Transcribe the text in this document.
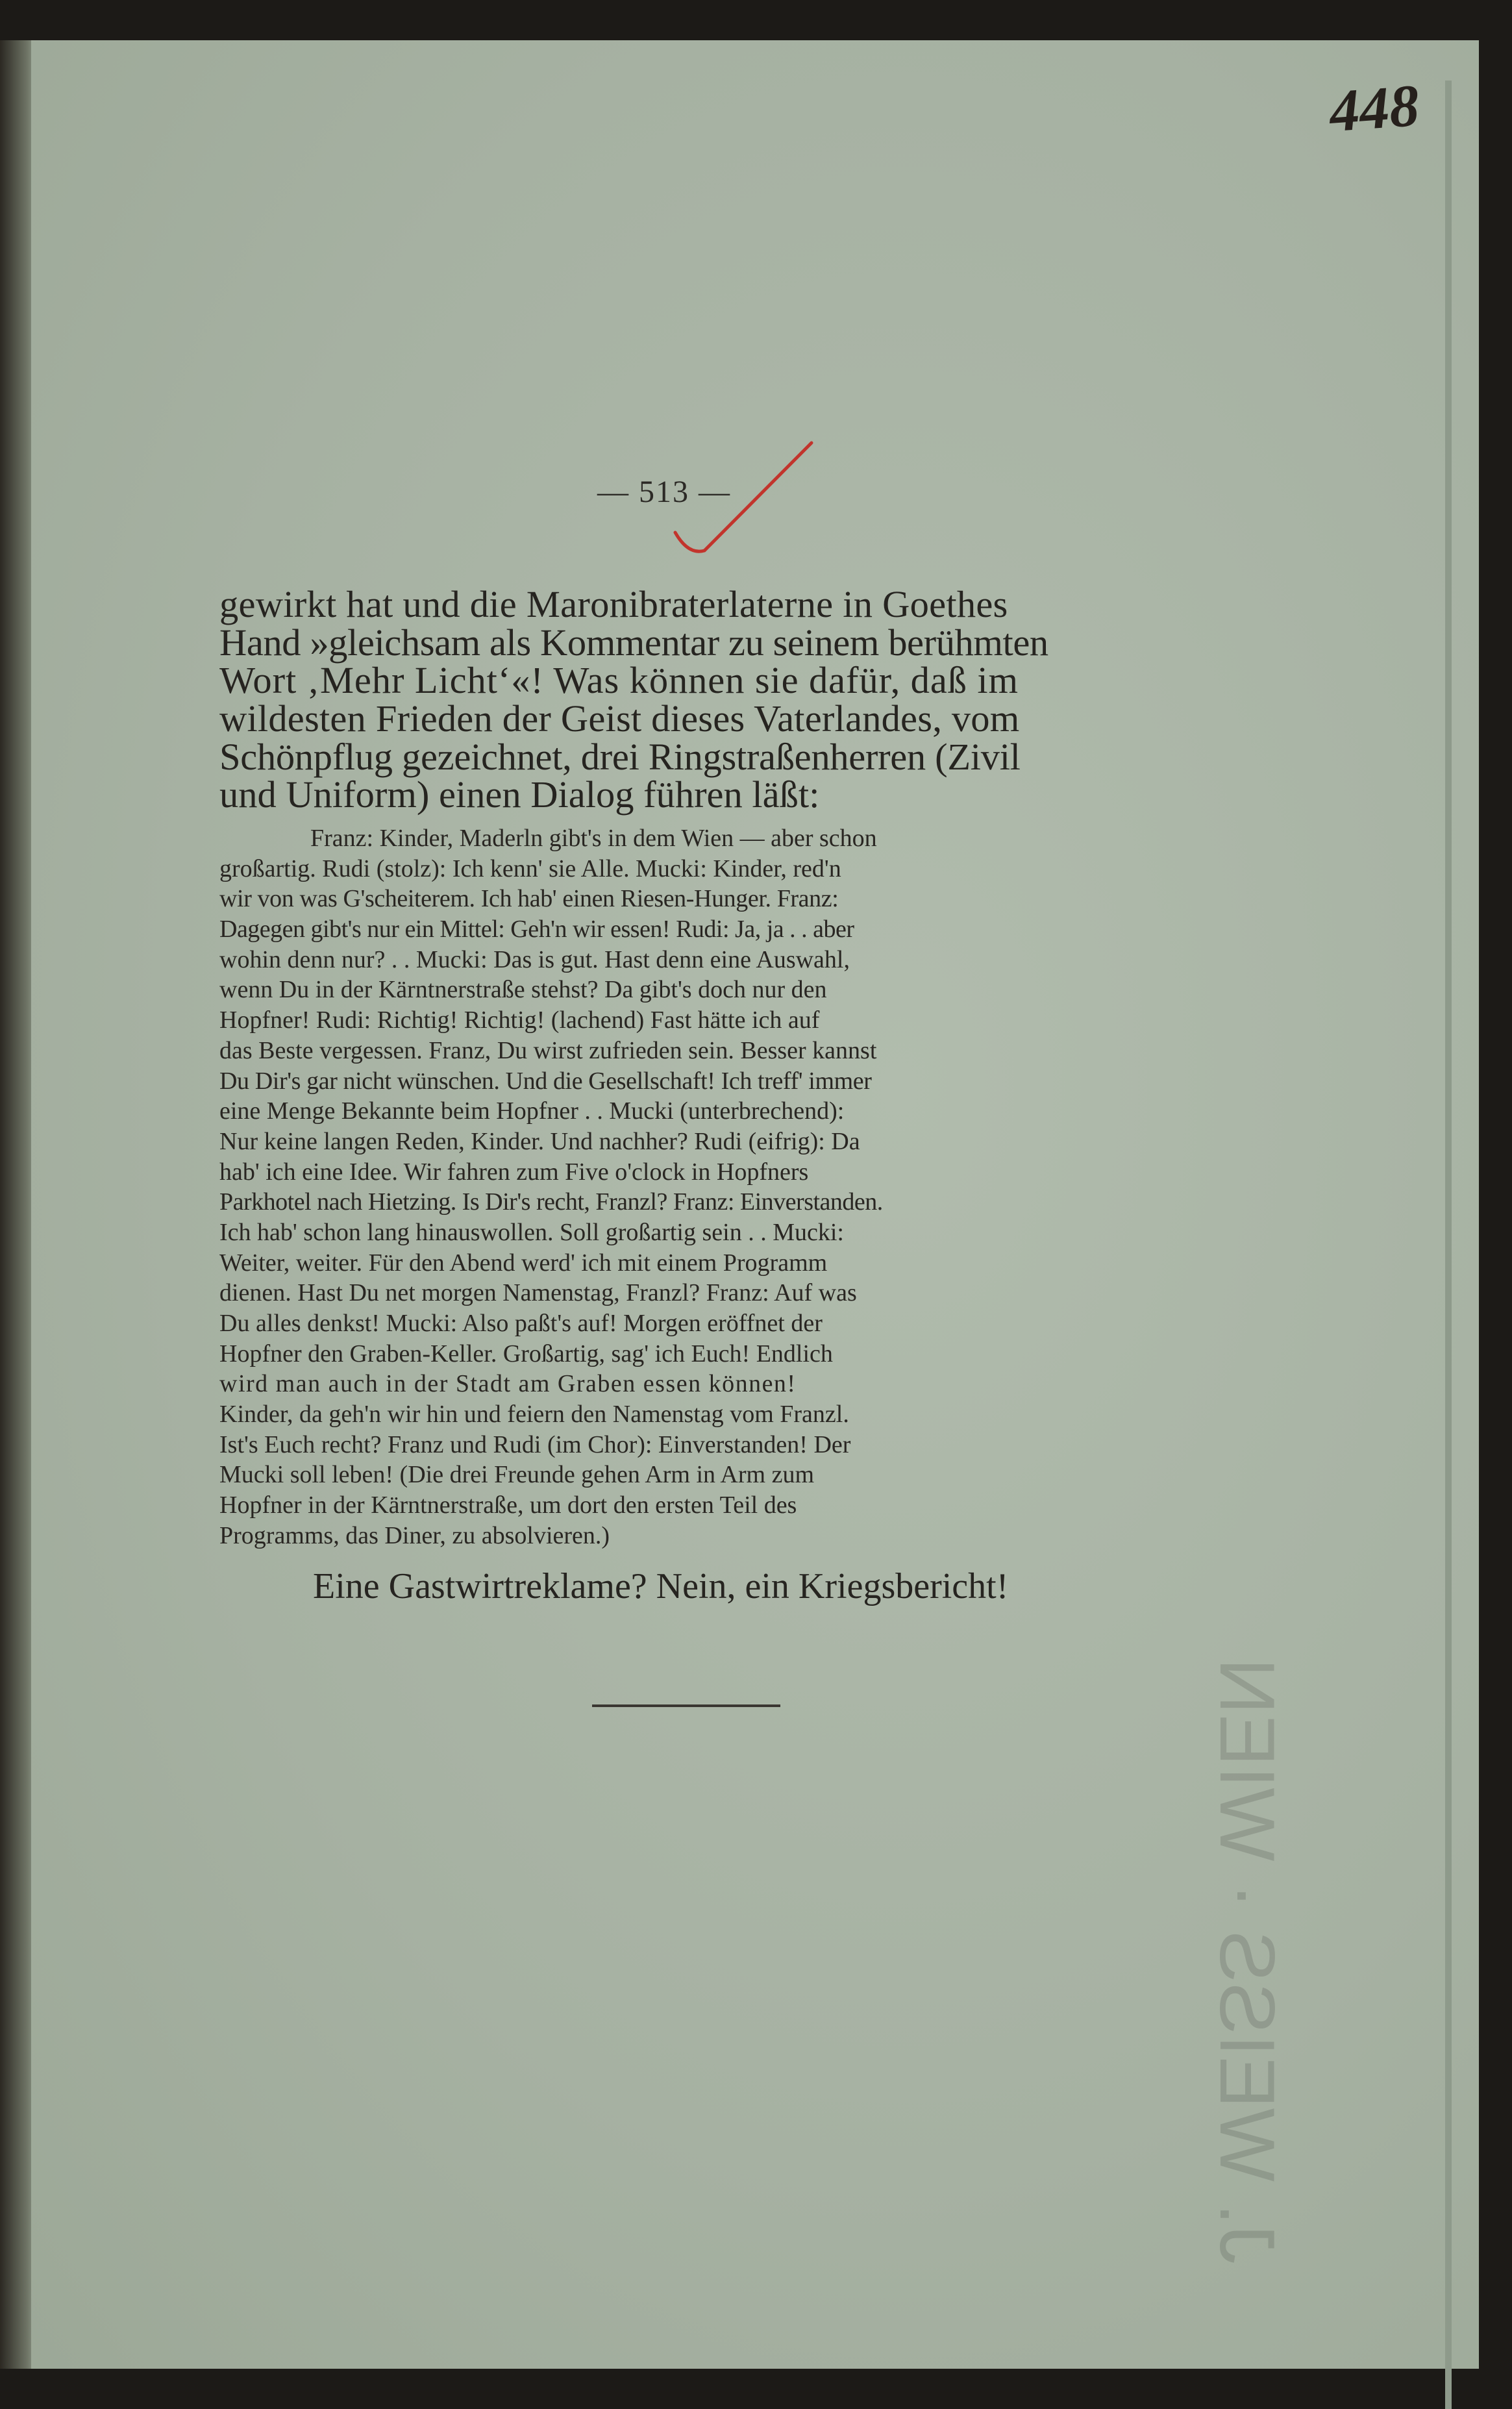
448
— 513 —
gewirkt hat und die Maronibraterlaterne in Goethes
Hand »gleichsam als Kommentar zu seinem berühmten
Wort ‚Mehr Licht‘«! Was können sie dafür, daß im
wildesten Frieden der Geist dieses Vaterlandes, vom
Schönpflug gezeichnet, drei Ringstraßenherren (Zivil
und Uniform) einen Dialog führen läßt:
Franz: Kinder, Maderln gibt's in dem Wien — aber schon
großartig. Rudi (stolz): Ich kenn' sie Alle. Mucki: Kinder, red'n
wir von was G'scheiterem. Ich hab' einen Riesen-Hunger. Franz:
Dagegen gibt's nur ein Mittel: Geh'n wir essen! Rudi: Ja, ja . . aber
wohin denn nur? . . Mucki: Das is gut. Hast denn eine Auswahl,
wenn Du in der Kärntnerstraße stehst? Da gibt's doch nur den
Hopfner! Rudi: Richtig! Richtig! (lachend) Fast hätte ich auf
das Beste vergessen. Franz, Du wirst zufrieden sein. Besser kannst
Du Dir's gar nicht wünschen. Und die Gesellschaft! Ich treff' immer
eine Menge Bekannte beim Hopfner . . Mucki (unterbrechend):
Nur keine langen Reden, Kinder. Und nachher? Rudi (eifrig): Da
hab' ich eine Idee. Wir fahren zum Five o'clock in Hopfners
Parkhotel nach Hietzing. Is Dir's recht, Franzl? Franz: Einverstanden.
Ich hab' schon lang hinauswollen. Soll großartig sein . . Mucki:
Weiter, weiter. Für den Abend werd' ich mit einem Programm
dienen. Hast Du net morgen Namenstag, Franzl? Franz: Auf was
Du alles denkst! Mucki: Also paßt's auf! Morgen eröffnet der
Hopfner den Graben-Keller. Großartig, sag' ich Euch! Endlich
wird man auch in der Stadt am Graben essen können!
Kinder, da geh'n wir hin und feiern den Namenstag vom Franzl.
Ist's Euch recht? Franz und Rudi (im Chor): Einverstanden! Der
Mucki soll leben! (Die drei Freunde gehen Arm in Arm zum
Hopfner in der Kärntnerstraße, um dort den ersten Teil des
Programms, das Diner, zu absolvieren.)
Eine Gastwirtreklame? Nein, ein Kriegsbericht!
J. WEISS · WIEN
